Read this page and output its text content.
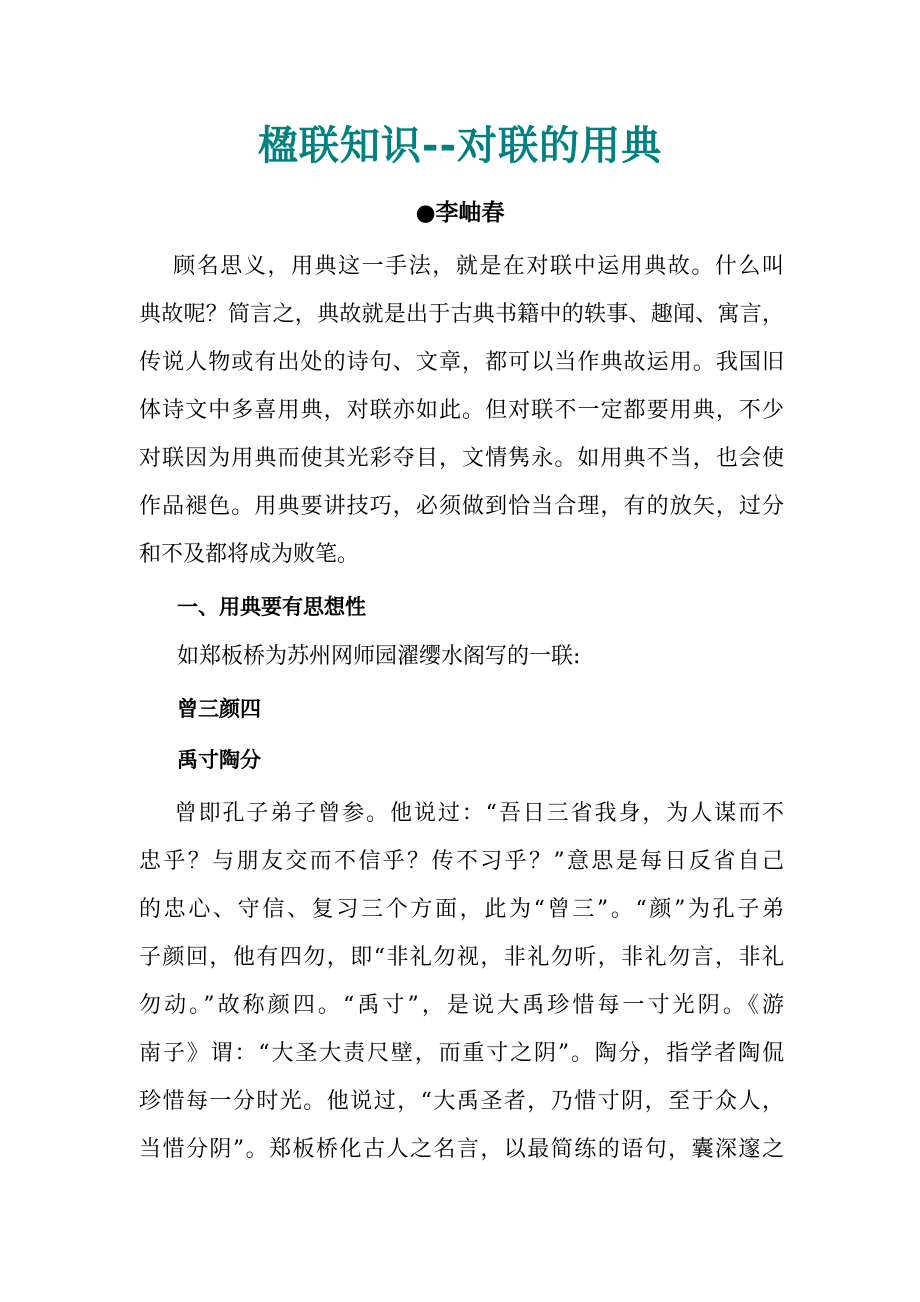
楹联知识--对联的用典
●李岫春
顾名思义，用典这一手法，就是在对联中运用典故。什么叫
典故呢？简言之，典故就是出于古典书籍中的轶事、趣闻、寓言，
传说人物或有出处的诗句、文章，都可以当作典故运用。我国旧
体诗文中多喜用典，对联亦如此。但对联不一定都要用典，不少
对联因为用典而使其光彩夺目，文情隽永。如用典不当，也会使
作品褪色。用典要讲技巧，必须做到恰当合理，有的放矢，过分
和不及都将成为败笔。
一、用典要有思想性
如郑板桥为苏州网师园濯缨水阁写的一联:
曾三颜四
禹寸陶分
曾即孔子弟子曾参。他说过：“吾日三省我身，为人谋而不
忠乎？与朋友交而不信乎？传不习乎？”意思是每日反省自己
的忠心、守信、复习三个方面，此为“曾三”。“颜”为孔子弟
子颜回，他有四勿，即“非礼勿视，非礼勿听，非礼勿言，非礼
勿动。”故称颜四。“禹寸”，是说大禹珍惜每一寸光阴。《游
南子》谓：“大圣大责尺壁，而重寸之阴”。陶分，指学者陶侃
珍惜每一分时光。他说过，“大禹圣者，乃惜寸阴，至于众人，
当惜分阴”。郑板桥化古人之名言，以最简练的语句，囊深邃之
